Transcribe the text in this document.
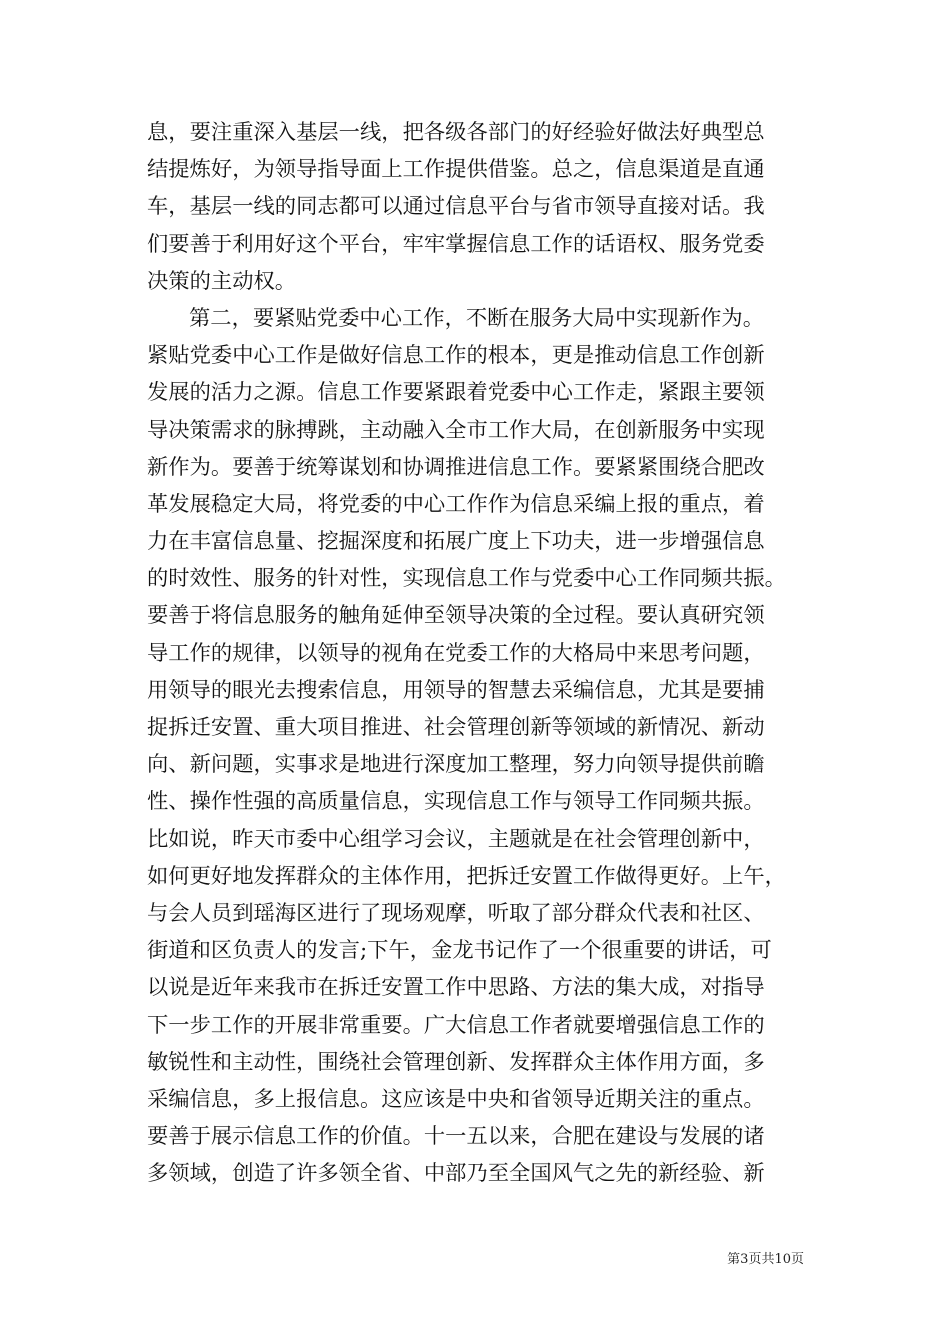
息，要注重深入基层一线，把各级各部门的好经验好做法好典型总
结提炼好，为领导指导面上工作提供借鉴。总之，信息渠道是直通
车，基层一线的同志都可以通过信息平台与省市领导直接对话。我
们要善于利用好这个平台，牢牢掌握信息工作的话语权、服务党委
决策的主动权。
第二，要紧贴党委中心工作，不断在服务大局中实现新作为。
紧贴党委中心工作是做好信息工作的根本，更是推动信息工作创新
发展的活力之源。信息工作要紧跟着党委中心工作走，紧跟主要领
导决策需求的脉搏跳，主动融入全市工作大局，在创新服务中实现
新作为。要善于统筹谋划和协调推进信息工作。要紧紧围绕合肥改
革发展稳定大局，将党委的中心工作作为信息采编上报的重点，着
力在丰富信息量、挖掘深度和拓展广度上下功夫，进一步增强信息
的时效性、服务的针对性，实现信息工作与党委中心工作同频共振。
要善于将信息服务的触角延伸至领导决策的全过程。要认真研究领
导工作的规律，以领导的视角在党委工作的大格局中来思考问题，
用领导的眼光去搜索信息，用领导的智慧去采编信息，尤其是要捕
捉拆迁安置、重大项目推进、社会管理创新等领域的新情况、新动
向、新问题，实事求是地进行深度加工整理，努力向领导提供前瞻
性、操作性强的高质量信息，实现信息工作与领导工作同频共振。
比如说，昨天市委中心组学习会议，主题就是在社会管理创新中，
如何更好地发挥群众的主体作用，把拆迁安置工作做得更好。上午，
与会人员到瑶海区进行了现场观摩，听取了部分群众代表和社区、
街道和区负责人的发言;下午，金龙书记作了一个很重要的讲话，可
以说是近年来我市在拆迁安置工作中思路、方法的集大成，对指导
下一步工作的开展非常重要。广大信息工作者就要增强信息工作的
敏锐性和主动性，围绕社会管理创新、发挥群众主体作用方面，多
采编信息，多上报信息。这应该是中央和省领导近期关注的重点。
要善于展示信息工作的价值。十一五以来，合肥在建设与发展的诸
多领域，创造了许多领全省、中部乃至全国风气之先的新经验、新
第3页共10页
